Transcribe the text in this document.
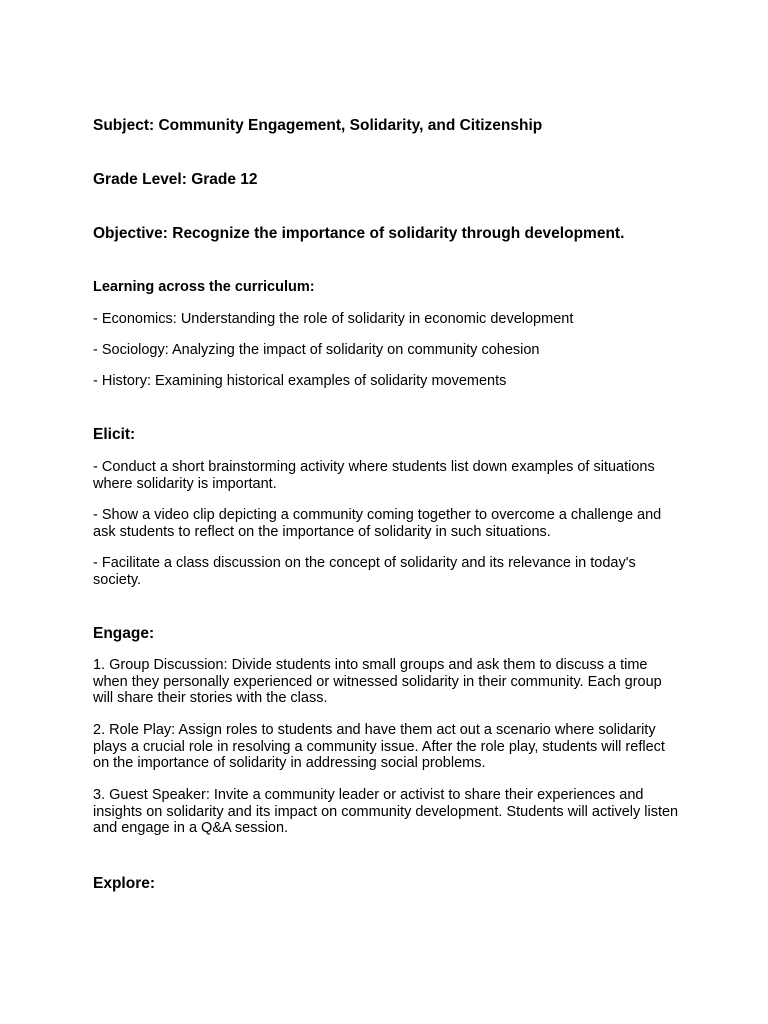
Subject: Community Engagement, Solidarity, and Citizenship

Grade Level: Grade 12

Objective: Recognize the importance of solidarity through development.

Learning across the curriculum:

- Economics: Understanding the role of solidarity in economic development

- Sociology: Analyzing the impact of solidarity on community cohesion

- History: Examining historical examples of solidarity movements

Elicit:

- Conduct a short brainstorming activity where students list down examples of situations where solidarity is important.

- Show a video clip depicting a community coming together to overcome a challenge and ask students to reflect on the importance of solidarity in such situations.

- Facilitate a class discussion on the concept of solidarity and its relevance in today's society.

Engage:

1. Group Discussion: Divide students into small groups and ask them to discuss a time when they personally experienced or witnessed solidarity in their community. Each group will share their stories with the class.

2. Role Play: Assign roles to students and have them act out a scenario where solidarity plays a crucial role in resolving a community issue. After the role play, students will reflect on the importance of solidarity in addressing social problems.

3. Guest Speaker: Invite a community leader or activist to share their experiences and insights on solidarity and its impact on community development. Students will actively listen and engage in a Q&A session.

Explore:
